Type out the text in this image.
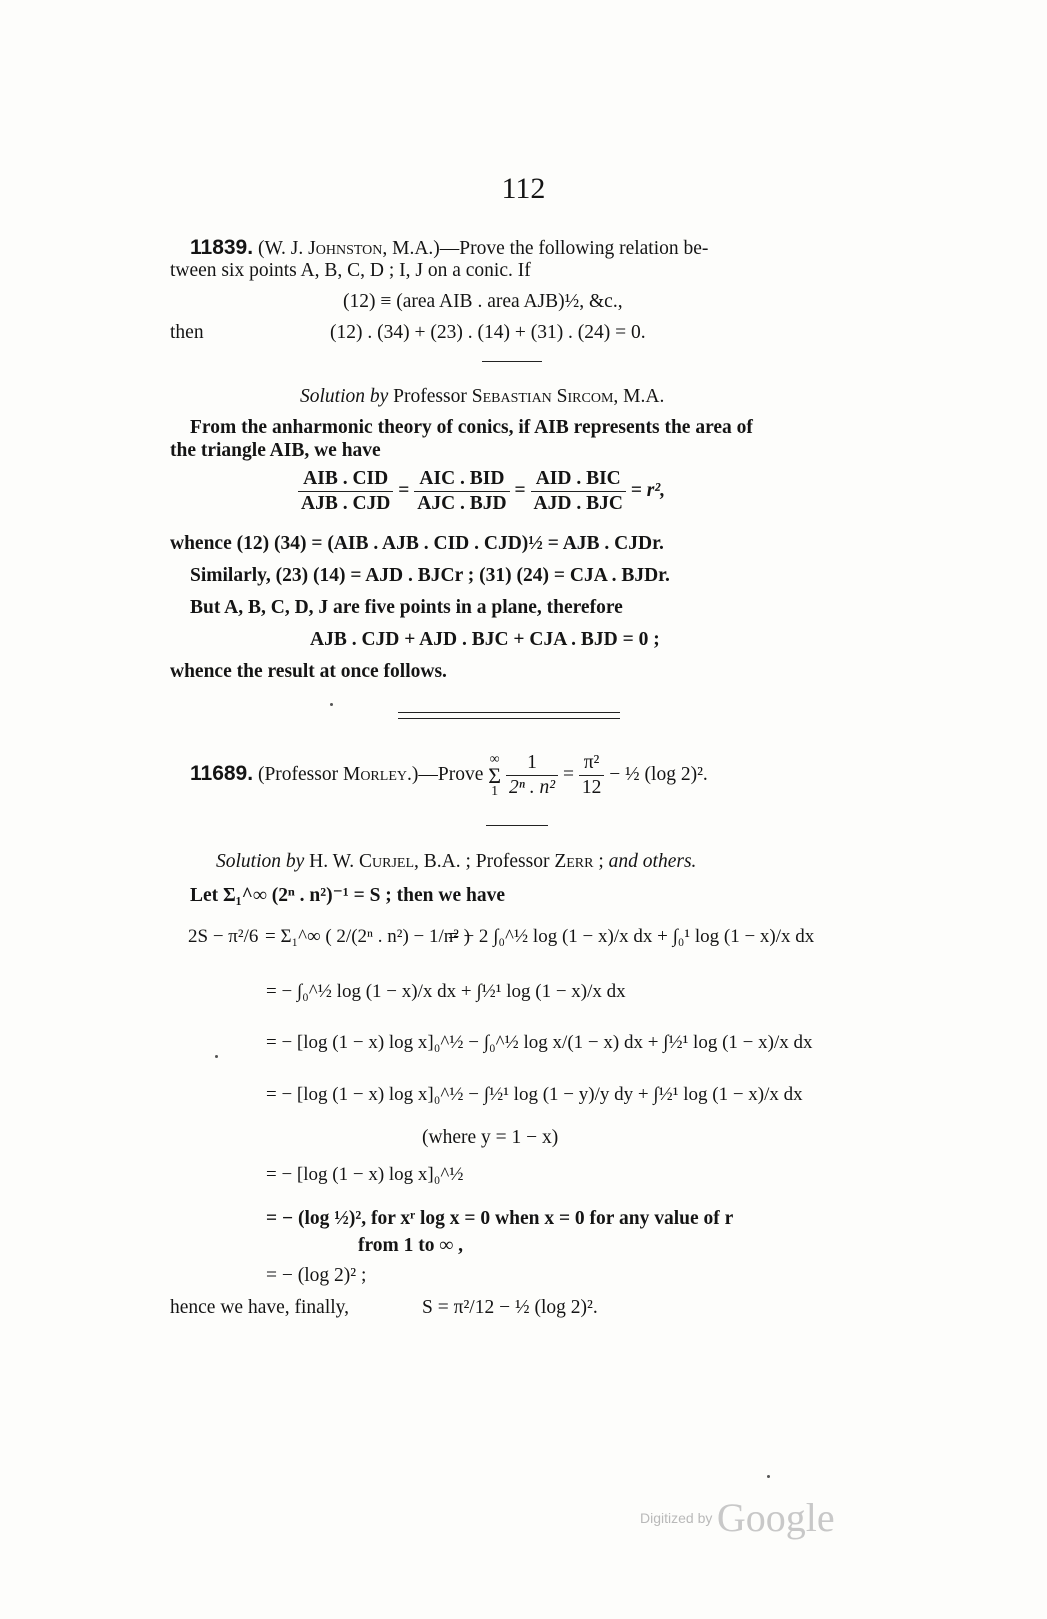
112
11839. (W. J. Johnston, M.A.)—Prove the following relation be-
tween six points A, B, C, D ; I, J on a conic. If
(12) ≡ (area AIB . area AJB)½, &c.,
then	(12) . (34) + (23) . (14) + (31) . (24) = 0.
Solution by Professor Sebastian Sircom, M.A.
From the anharmonic theory of conics, if AIB represents the area of
the triangle AIB, we have
$\frac{\text{AIB . CID}}{\text{AJB . CJD}} = \frac{\text{AIC . BID}}{\text{AJC . BJD}} = \frac{\text{AID . BIC}}{\text{AJD . BJC}} = r^2$,
whence (12) (34) = (AIB . AJB . CID . CJD)½ = AJB . CJDr.
Similarly, (23) (14) = AJD . BJCr ; (31) (24) = CJA . BJDr.
But A, B, C, D, J are five points in a plane, therefore
AJB . CJD + AJD . BJC + CJA . BJD = 0 ;
whence the result at once follows.
11689. (Professor Morley.)—Prove
∞
Σ
1
$\frac{1}{\text{2ⁿ . n²}} = \frac{\text{π²}}{12}$ − ½ (log 2)².
Solution by H. W. Curjel, B.A. ; Professor Zerr ; and others.
Let Σ₁^∞ (2ⁿ . n²)⁻¹ = S ; then we have
2S − π²/6 = Σ₁^∞ ( 2/(2ⁿ . n²) − 1/n² )
= − 2 ∫₀^½ log (1 − x)/x dx + ∫₀¹ log (1 − x)/x dx
= − ∫₀^½ log (1 − x)/x dx + ∫½¹ log (1 − x)/x dx
= − [log (1 − x) log x]₀^½ − ∫₀^½ log x/(1 − x) dx + ∫½¹ log (1 − x)/x dx
= − [log (1 − x) log x]₀^½ − ∫½¹ log (1 − y)/y dy + ∫½¹ log (1 − x)/x dx
(where y = 1 − x)
= − [log (1 − x) log x]₀^½
= − (log ½)², for xʳ log x = 0 when x = 0 for any value of r
from 1 to ∞ ,
= − (log 2)² ;
hence we have, finally,	S = π²/12 − ½ (log 2)².
Digitized by Google
